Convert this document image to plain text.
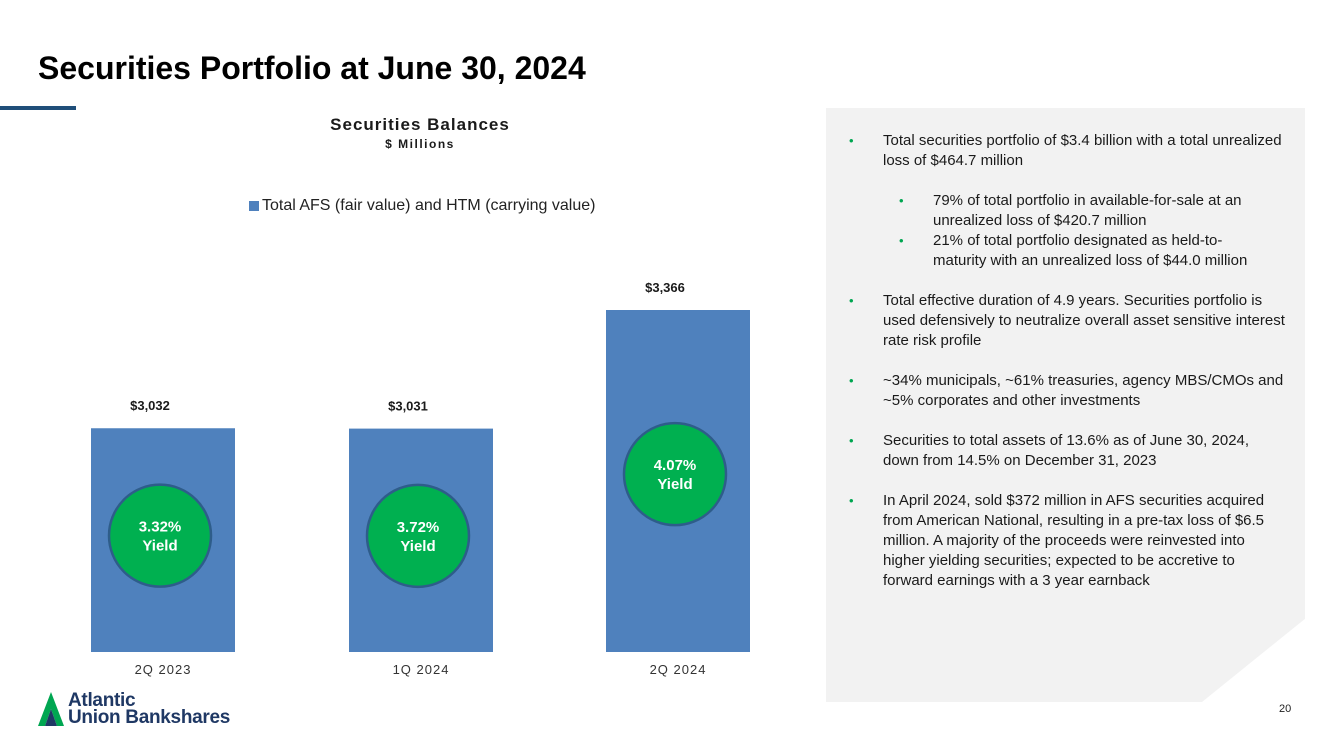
Securities Portfolio at June 30, 2024
Securities Balances
$ Millions
Total AFS (fair value) and HTM (carrying value)
$3,032
2Q 2023
3.32%
Yield
$3,031
1Q 2024
3.72%
Yield
$3,366
2Q 2024
4.07%
Yield
• Total securities portfolio of $3.4 billion with a total unrealized loss of $464.7 million
• 79% of total portfolio in available-for-sale at an unrealized loss of $420.7 million
• 21% of total portfolio designated as held-to-maturity with an unrealized loss of $44.0 million
• Total effective duration of 4.9 years. Securities portfolio is used defensively to neutralize overall asset sensitive interest rate risk profile
• ~34% municipals, ~61% treasuries, agency MBS/CMOs and ~5% corporates and other investments
• Securities to total assets of 13.6% as of June 30, 2024, down from 14.5% on December 31, 2023
• In April 2024, sold $372 million in AFS securities acquired from American National, resulting in a pre-tax loss of $6.5 million. A majority of the proceeds were reinvested into higher yielding securities; expected to be accretive to forward earnings with a 3 year earnback
Atlantic
Union Bankshares	20
